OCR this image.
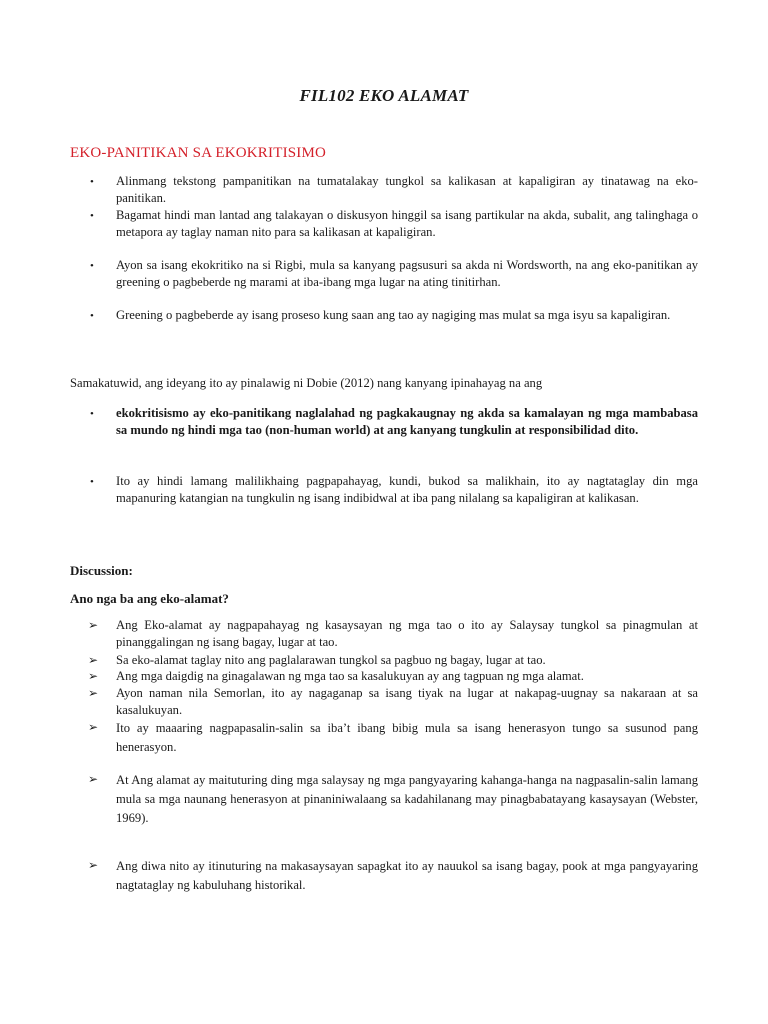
FIL102 EKO ALAMAT
EKO-PANITIKAN SA EKOKRITISIMO
• Alinmang tekstong pampanitikan na tumatalakay tungkol sa kalikasan at kapaligiran ay tinatawag na eko-panitikan.
• Bagamat hindi man lantad ang talakayan o diskusyon hinggil sa isang partikular na akda, subalit, ang talinghaga o metapora ay taglay naman nito para sa kalikasan at kapaligiran.
• Ayon sa isang ekokritiko na si Rigbi, mula sa kanyang pagsusuri sa akda ni Wordsworth, na ang eko-panitikan ay greening o pagbeberde ng marami at iba-ibang mga lugar na ating tinitirhan.
• Greening o pagbeberde ay isang proseso kung saan ang tao ay nagiging mas mulat sa mga isyu sa kapaligiran.
Samakatuwid, ang ideyang ito ay pinalawig ni Dobie (2012) nang kanyang ipinahayag na ang
• ekokritisismo ay eko-panitikang naglalahad ng pagkakaugnay ng akda sa kamalayan ng mga mambabasa sa mundo ng hindi mga tao (non-human world) at ang kanyang tungkulin at responsibilidad dito.
• Ito ay hindi lamang malilikhaing pagpapahayag, kundi, bukod sa malikhain, ito ay nagtataglay din mga mapanuring katangian na tungkulin ng isang indibidwal at iba pang nilalang sa kapaligiran at kalikasan.
Discussion:
Ano nga ba ang eko-alamat?
➢ Ang Eko-alamat ay nagpapahayag ng kasaysayan ng mga tao o ito ay Salaysay tungkol sa pinagmulan at pinanggalingan ng isang bagay, lugar at tao.
➢ Sa eko-alamat taglay nito ang paglalarawan tungkol sa pagbuo ng bagay, lugar at tao.
➢ Ang mga daigdig na ginagalawan ng mga tao sa kasalukuyan ay ang tagpuan ng mga alamat.
➢ Ayon naman nila Semorlan, ito ay nagaganap sa isang tiyak na lugar at nakapag-uugnay sa nakaraan at sa kasalukuyan.
➢ Ito ay maaaring nagpapasalin-salin sa iba’t ibang bibig mula sa isang henerasyon tungo sa susunod pang henerasyon.
➢ At Ang alamat ay maituturing ding mga salaysay ng mga pangyayaring kahanga-hanga na nagpasalin-salin lamang mula sa mga naunang henerasyon at pinaniniwalaang sa kadahilanang may pinagbabatayang kasaysayan (Webster, 1969).
➢ Ang diwa nito ay itinuturing na makasaysayan sapagkat ito ay nauukol sa isang bagay, pook at mga pangyayaring nagtataglay ng kabuluhang historikal.
